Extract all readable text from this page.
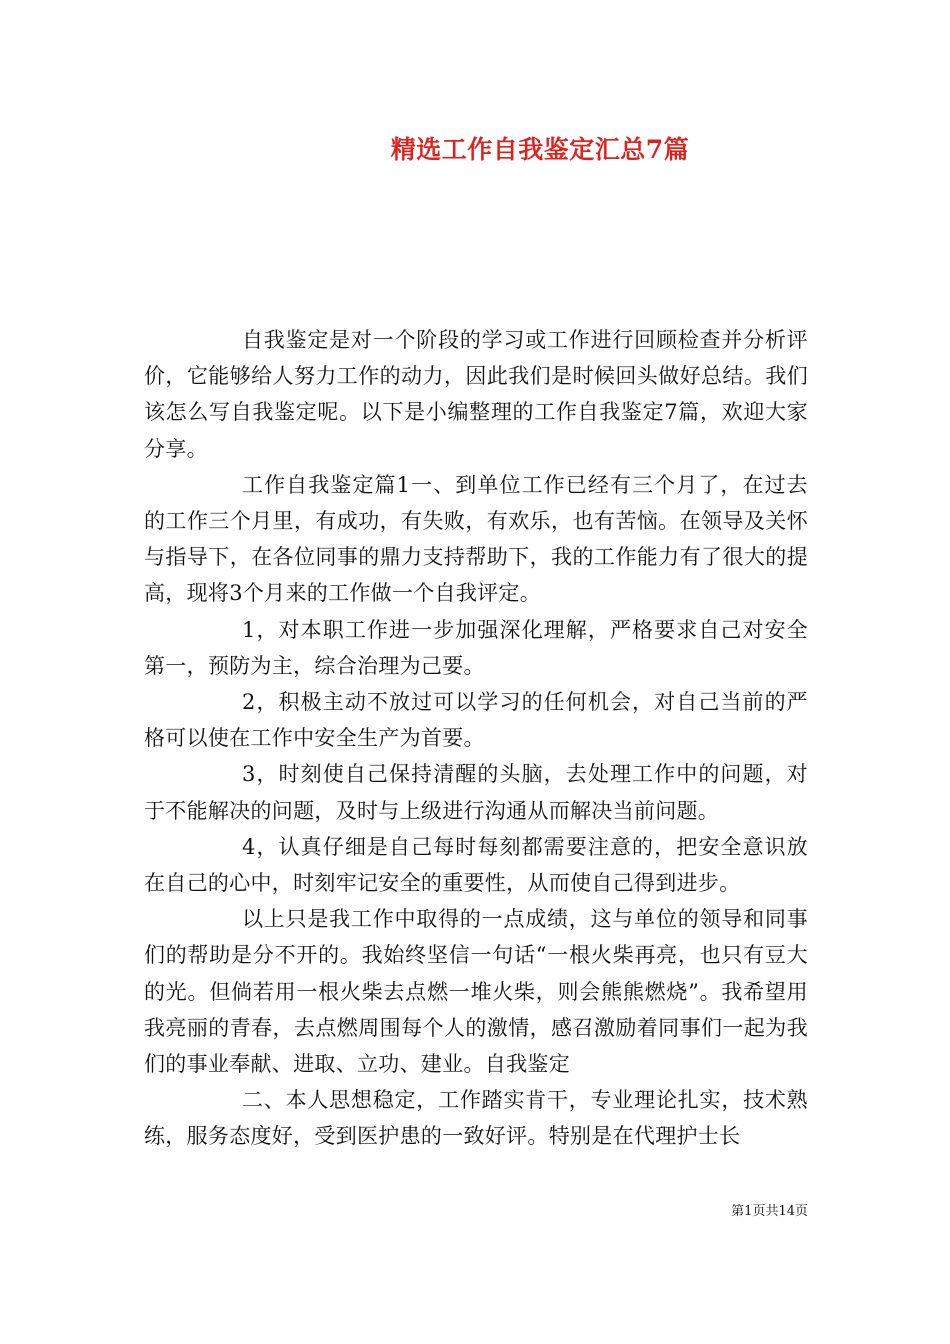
精选工作自我鉴定汇总7篇

自我鉴定是对一个阶段的学习或工作进行回顾检查并分析评价，它能够给人努力工作的动力，因此我们是时候回头做好总结。我们该怎么写自我鉴定呢。以下是小编整理的工作自我鉴定7篇，欢迎大家分享。

工作自我鉴定篇1一、到单位工作已经有三个月了，在过去的工作三个月里，有成功，有失败，有欢乐，也有苦恼。在领导及关怀与指导下，在各位同事的鼎力支持帮助下，我的工作能力有了很大的提高，现将3个月来的工作做一个自我评定。

1，对本职工作进一步加强深化理解，严格要求自己对安全第一，预防为主，综合治理为己要。

2，积极主动不放过可以学习的任何机会，对自己当前的严格可以使在工作中安全生产为首要。

3，时刻使自己保持清醒的头脑，去处理工作中的问题，对于不能解决的问题，及时与上级进行沟通从而解决当前问题。

4，认真仔细是自己每时每刻都需要注意的，把安全意识放在自己的心中，时刻牢记安全的重要性，从而使自己得到进步。

以上只是我工作中取得的一点成绩，这与单位的领导和同事们的帮助是分不开的。我始终坚信一句话“一根火柴再亮，也只有豆大的光。但倘若用一根火柴去点燃一堆火柴，则会熊熊燃烧”。我希望用我亮丽的青春，去点燃周围每个人的激情，感召激励着同事们一起为我们的事业奉献、进取、立功、建业。自我鉴定

二、本人思想稳定，工作踏实肯干，专业理论扎实，技术熟练，服务态度好，受到医护患的一致好评。特别是在代理护士长

第1页共14页
